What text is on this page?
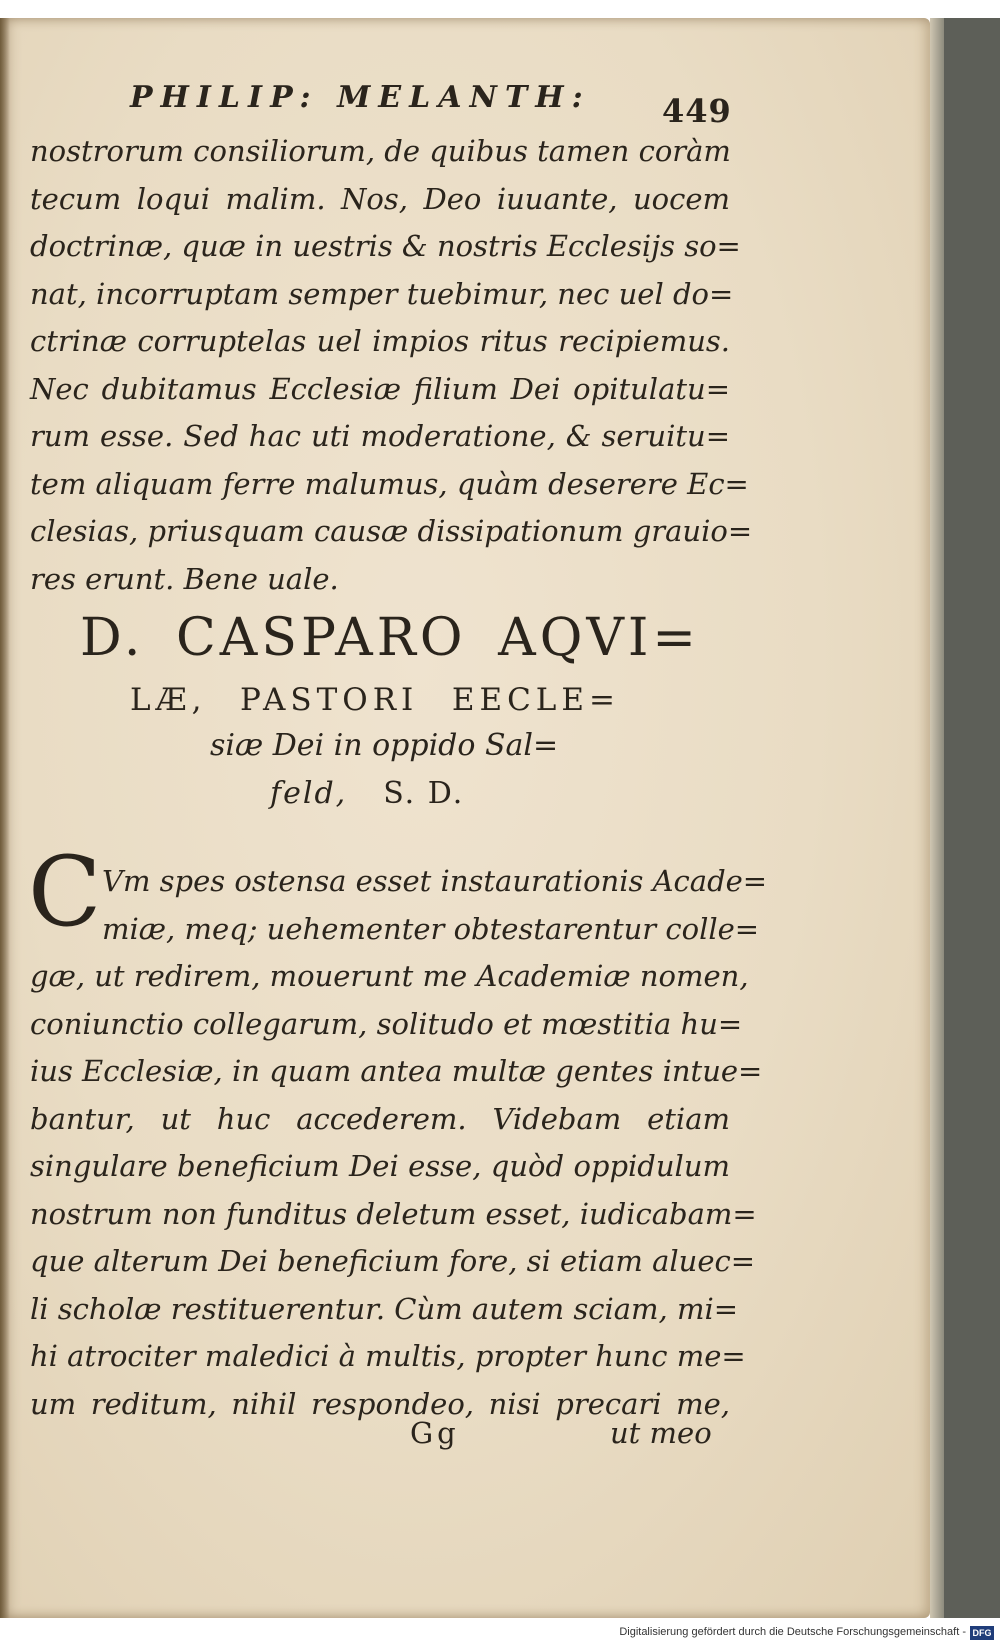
PHILIP: MELANTH:	449
nostrorum consiliorum, de quibus tamen coràm
tecum loqui malim. Nos, Deo iuuante, uocem
doctrinæ, quæ in uestris & nostris Ecclesijs so=
nat, incorruptam semper tuebimur, nec uel do=
ctrinæ corruptelas uel impios ritus recipiemus.
Nec dubitamus Ecclesiæ filium Dei opitulatu=
rum esse. Sed hac uti moderatione, & seruitu=
tem aliquam ferre malumus, quàm deserere Ec=
clesias, priusquam causæ dissipationum grauio=
res erunt. Bene uale.
D. CASPARO AQVI=
LÆ, PASTORI EECLE=
siæ Dei in oppido Sal=
feld, S. D.
C Vm spes ostensa esset instaurationis Acade=
miæ, meq; uehementer obtestarentur colle=
gæ, ut redirem, mouerunt me Academiæ nomen,
coniunctio collegarum, solitudo et mœstitia hu=
ius Ecclesiæ, in quam antea multæ gentes intue=
bantur, ut huc accederem. Videbam etiam
singulare beneficium Dei esse, quòd oppidulum
nostrum non funditus deletum esset, iudicabam=
que alterum Dei beneficium fore, si etiam aluec=
li scholæ restituerentur. Cùm autem sciam, mi=
hi atrociter maledici à multis, propter hunc me=
um reditum, nihil respondeo, nisi precari me,
Gg	ut meo
Digitalisierung gefördert durch die Deutsche Forschungsgemeinschaft - DFG
